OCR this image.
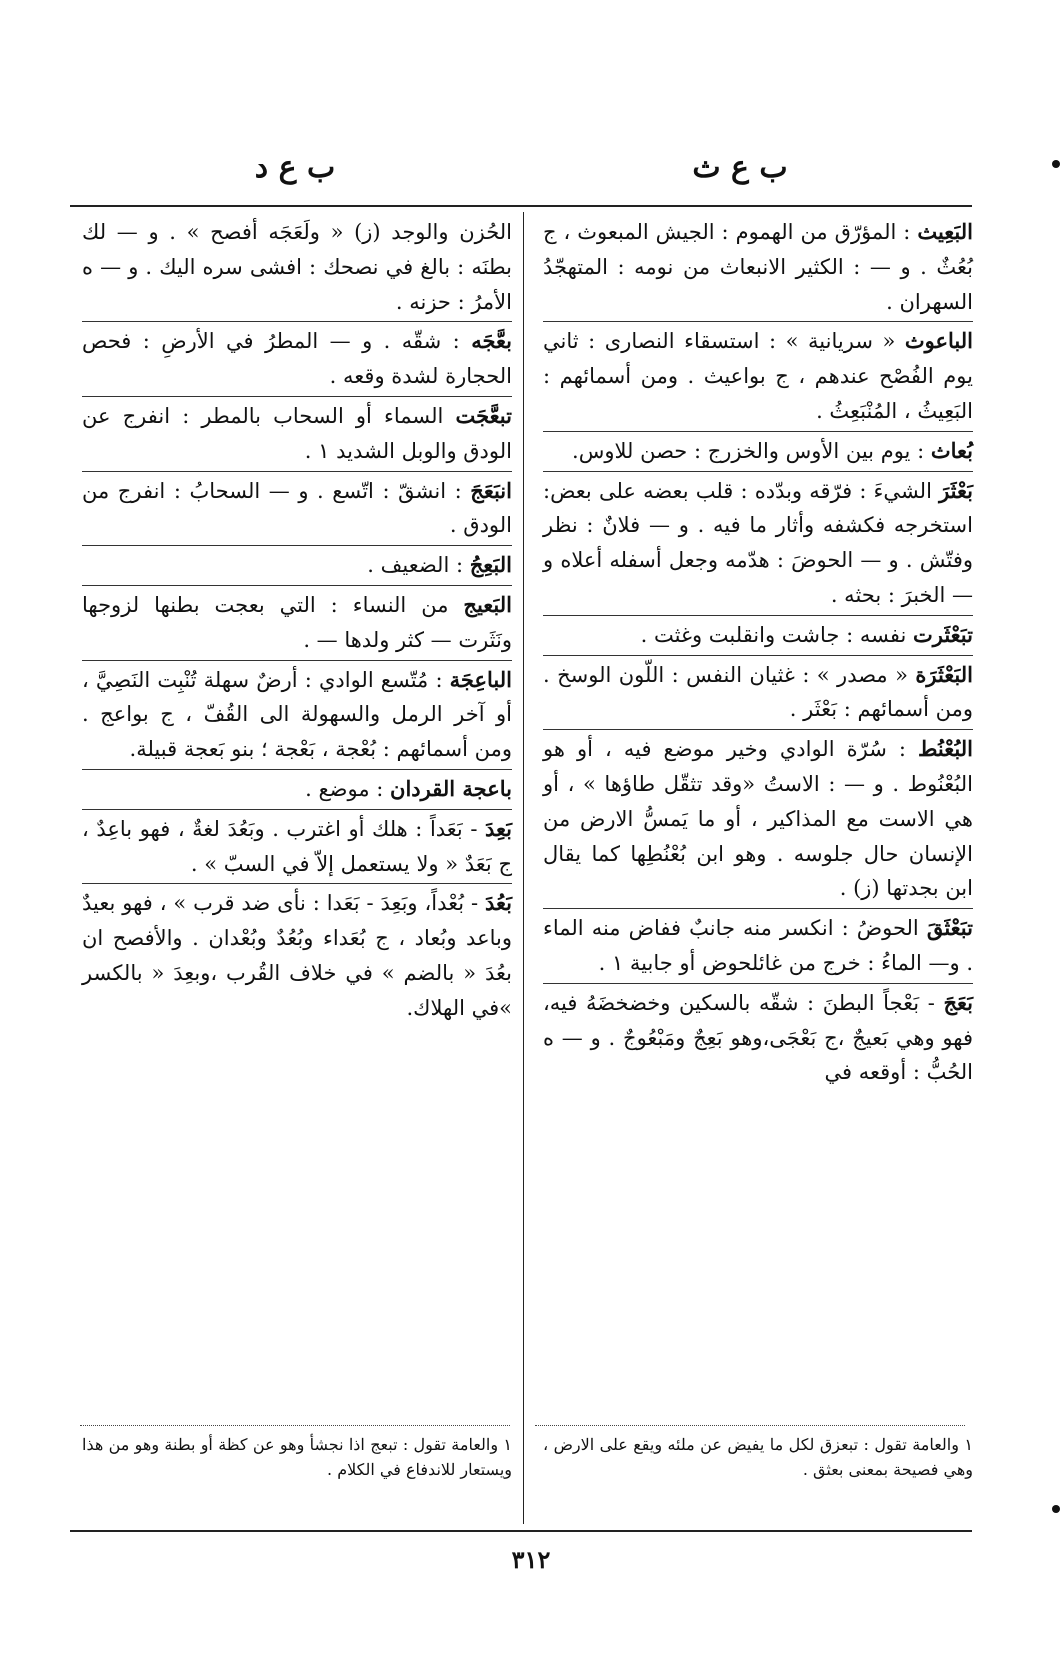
ب ع ث
ب ع د

البَعِيث : المؤرّق من الهموم : الجيش المبعوث ، ج بُعُثٌ . و — : الكثير الانبعاث من نومه : المتهجّدُ السهران .

الباعوث « سريانية » : استسقاء النصارى : ثاني يوم الفُصْح عندهم ، ج بواعيث . ومن أسمائهم : البَعِيثُ ، المُنْبَعِثُ .

بُعاث : يوم بين الأوس والخزرج : حصن للاوس.

بَعْثَرَ الشيءَ : فرّقه وبدّده : قلب بعضه على بعض: استخرجه فكشفه وأثار ما فيه . و — فلانٌ : نظر وفتّش . و — الحوضَ : هدّمه وجعل أسفله أعلاه و — الخبرَ : بحثه .

تبَعْثَرت نفسه : جاشت وانقلبت وغثت .

البَعْثَرَة « مصدر » : غثيان النفس : اللّون الوسخ . ومن أسمائهم : بَعْثَر .

البُعْنُط : سُرّة الوادي وخير موضع فيه ، أو هو البُعْنُوط . و — : الاستُ «وقد تثقّل طاؤها » ، أو هي الاست مع المذاكير ، أو ما يَمسُّ الارض من الإنسان حال جلوسه . وهو ابن بُعْنُطِها كما يقال ابن بجدتها (ز) .

تبَعْثَقَ الحوضُ : انكسر منه جانبٌ ففاض منه الماء . و— الماءُ : خرج من غائلحوض أو جابية ١ .

بَعَجَ - بَعْجاً البطنَ : شقّه بالسكين وخضخضَهُ فيه، فهو وهي بَعيجٌ ،ج بَعْجَى،وهو بَعِجٌ ومَبْعُوجٌ . و — ه الحُبُّ : أوقعه في

الحُزن والوجد (ز) « ولَعَجَه أفصح » . و — لك بطنَه : بالغ في نصحك : افشى سره اليك . و — ه الأمرُ : حزنه .

بعَّجَه : شقّه . و — المطرُ في الأرضِ : فحص الحجارة لشدة وقعه .

تبعَّجَت السماء أو السحاب بالمطر : انفرج عن الودق والوبل الشديد ١ .

انبَعَجَ : انشقّ : اتّسع . و — السحابُ : انفرج من الودق .

البَعِجُ : الضعيف .

البَعيج من النساء : التي بعجت بطنها لزوجها ونَثَرت — كثر ولدها — .

الباعِجَة : مُتّسع الوادي : أرضٌ سهلة تُنْبِت النَصِيَّ ، أو آخر الرمل والسهولة الى القُفّ ، ج بواعج . ومن أسمائهم : بُعْجة ، بَعْجة ؛ بنو بَعجة قبيلة.

باعجة القردان : موضع .

بَعِدَ - بَعَداً : هلك أو اغترب . وبَعُدَ لغةٌ ، فهو باعِدٌ ، ج بَعَدٌ « ولا يستعمل إلاّ في السبّ » .

بَعُدَ - بُعْداً، وبَعِدَ - بَعَدا : نأى ضد قرب » ، فهو بعيدٌ وباعد وبُعاد ، ج بُعَداء وبُعُدٌ وبُعْدان . والأفصح ان بعُدَ « بالضم » في خلاف القُرب ،وبعِدَ « بالكسر »في الهلاك.

١ والعامة تقول : تبعزق لكل ما يفيض عن ملئه ويقع على الارض ، وهي فصيحة بمعنى بعثق .
١ والعامة تقول : تبعج اذا نجشأ وهو عن كظة أو بطنة وهو من هذا ويستعار للاندفاع في الكلام .
٣١٢
